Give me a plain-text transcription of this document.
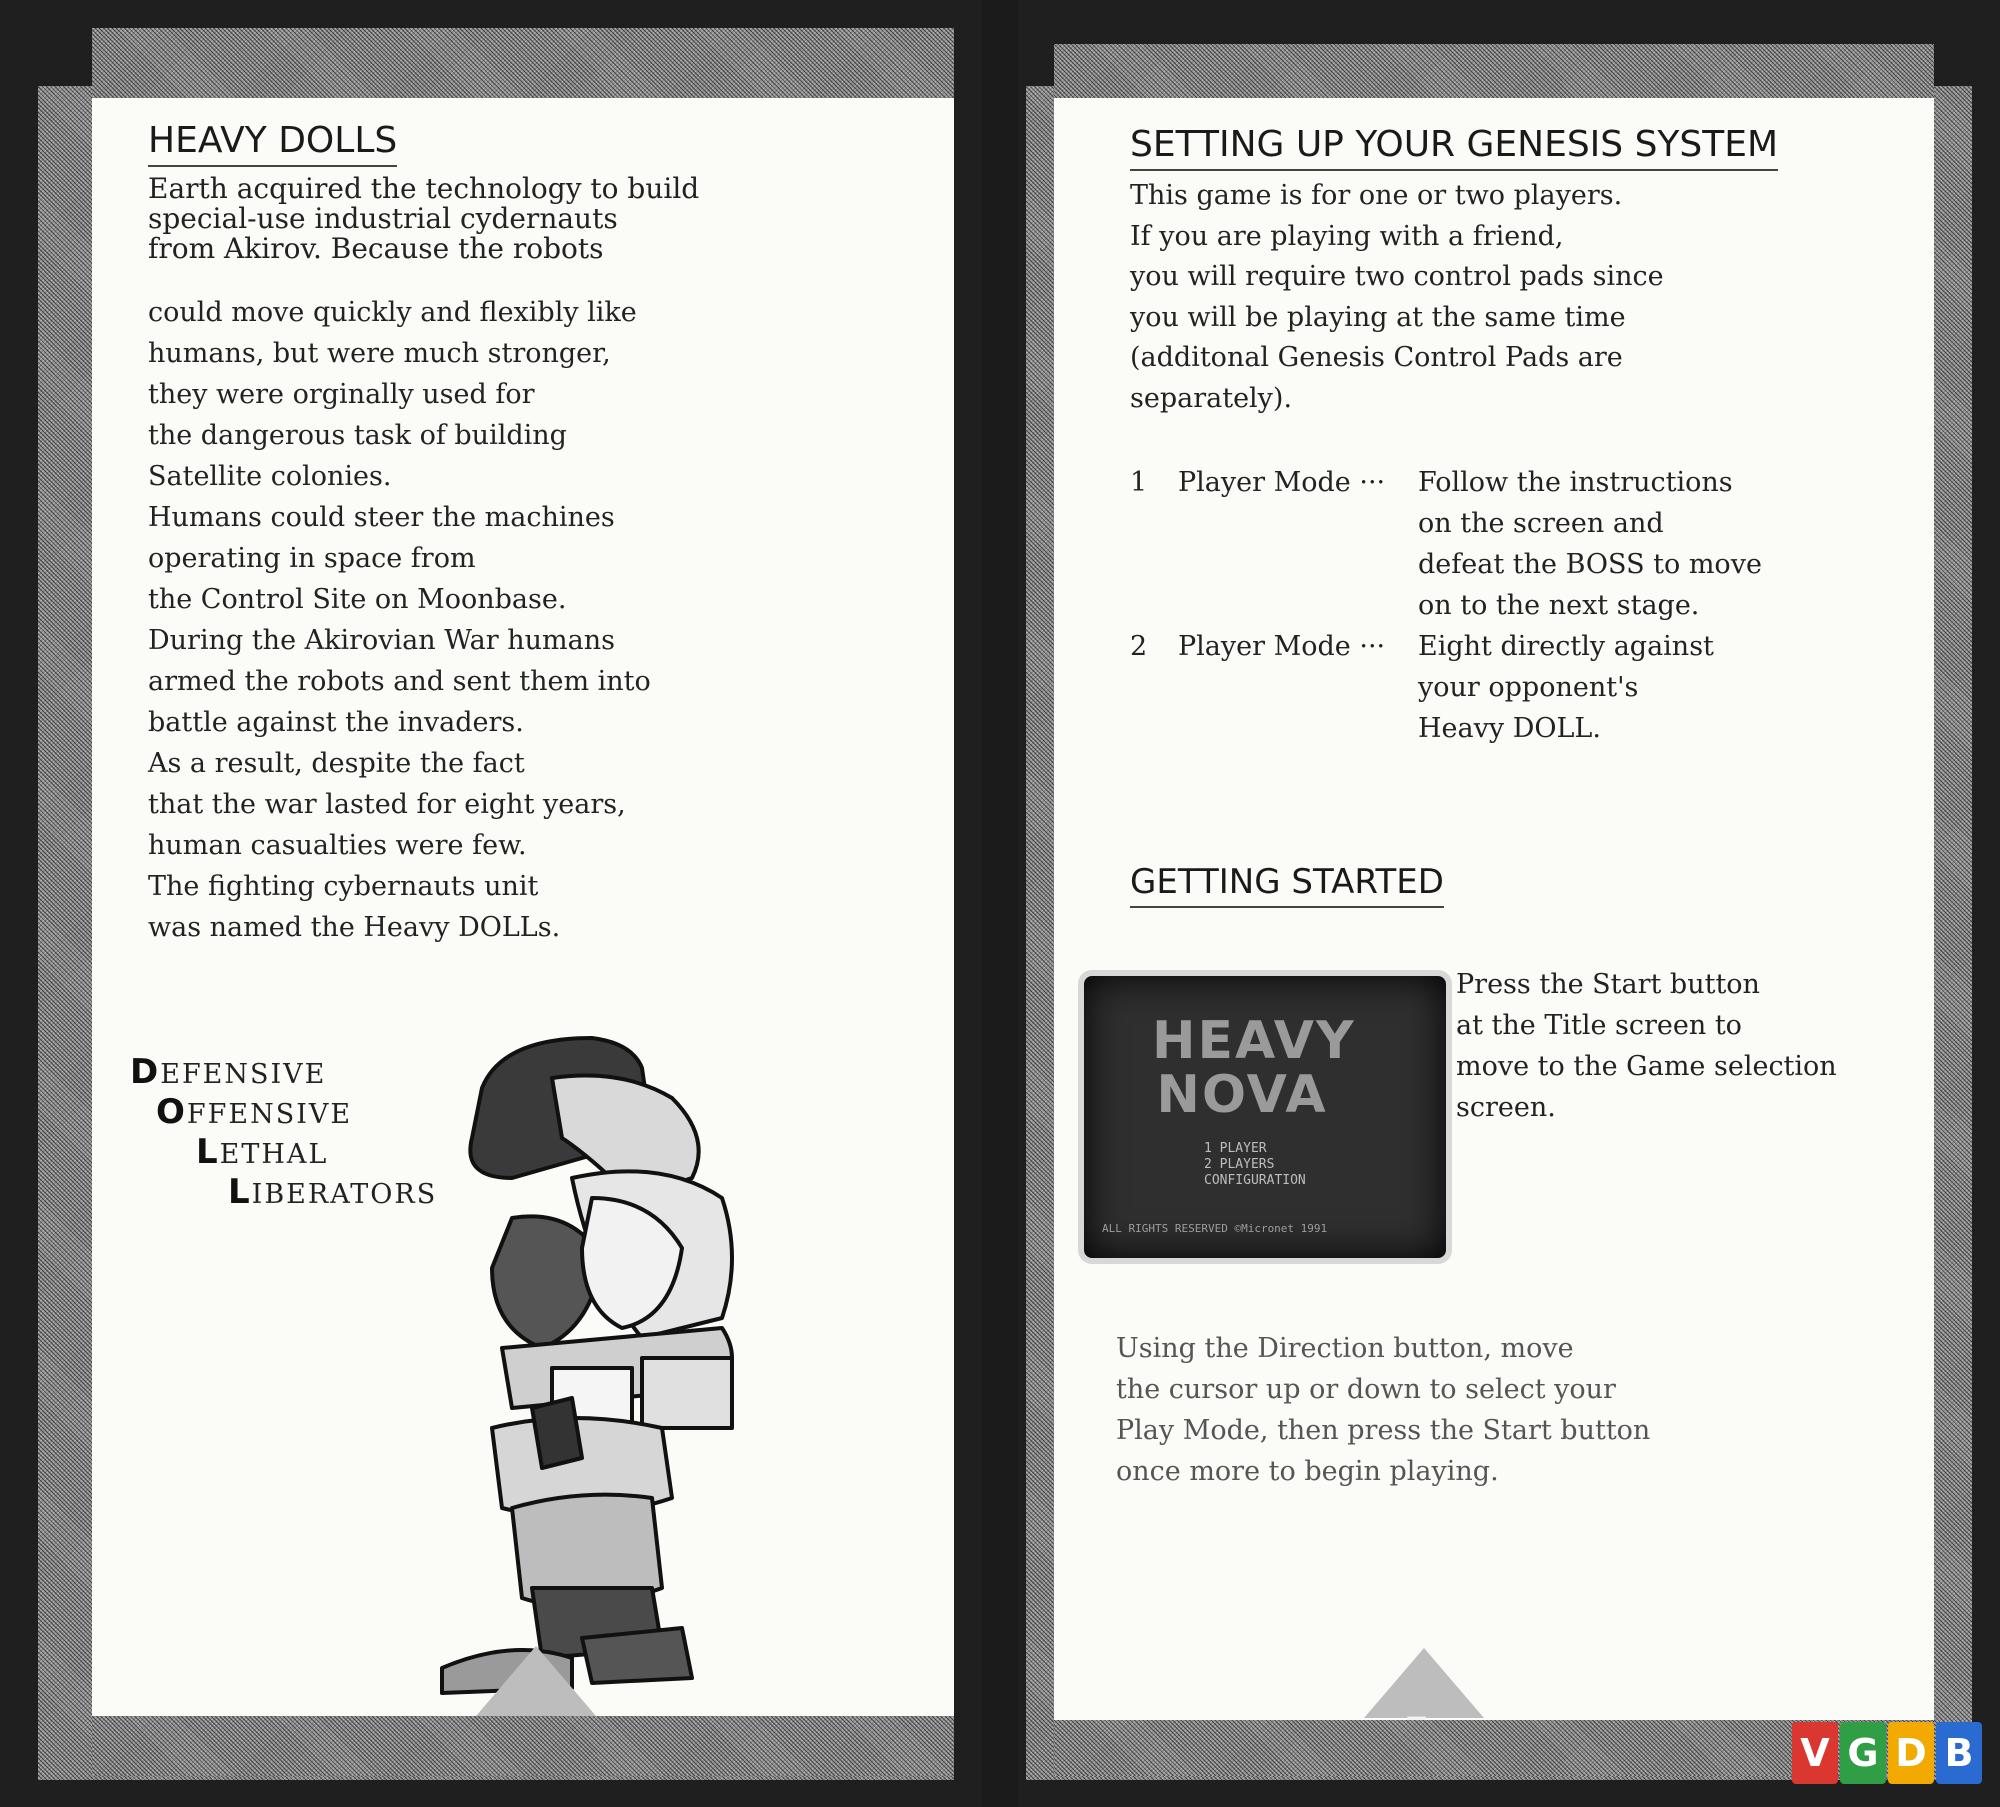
HEAVY DOLLS
Earth acquired the technology to build
special-use industrial cydernauts
from Akirov. Because the robots
could move quickly and flexibly like
humans, but were much stronger,
they were orginally used for
the dangerous task of building
Satellite colonies.
Humans could steer the machines
operating in space from
the Control Site on Moonbase.
During the Akirovian War humans
armed the robots and sent them into
battle against the invaders.
As a result, despite the fact
that the war lasted for eight years,
human casualties were few.
The fighting cybernauts unit
was named the Heavy DOLLs.
DEFENSIVE
OFFENSIVE
LETHAL
LIBERATORS
SETTING UP YOUR GENESIS SYSTEM
This game is for one or two players.
If you are playing with a friend,
you will require two control pads since
you will be playing at the same time
(additonal Genesis Control Pads are
separately).
1 Player Mode ··· Follow the instructions
on the screen and
defeat the BOSS to move
on to the next stage.
2 Player Mode ··· Eight directly against
your opponent's
Heavy DOLL.
GETTING STARTED
Press the Start button
at the Title screen to
move to the Game selection
screen.
Using the Direction button, move
the cursor up or down to select your
Play Mode, then press the Start button
once more to begin playing.
HEAVY
NOVA
1 PLAYER
2 PLAYERS
CONFIGURATION
ALL RIGHTS RESERVED ©Micronet 1991
V G D B
